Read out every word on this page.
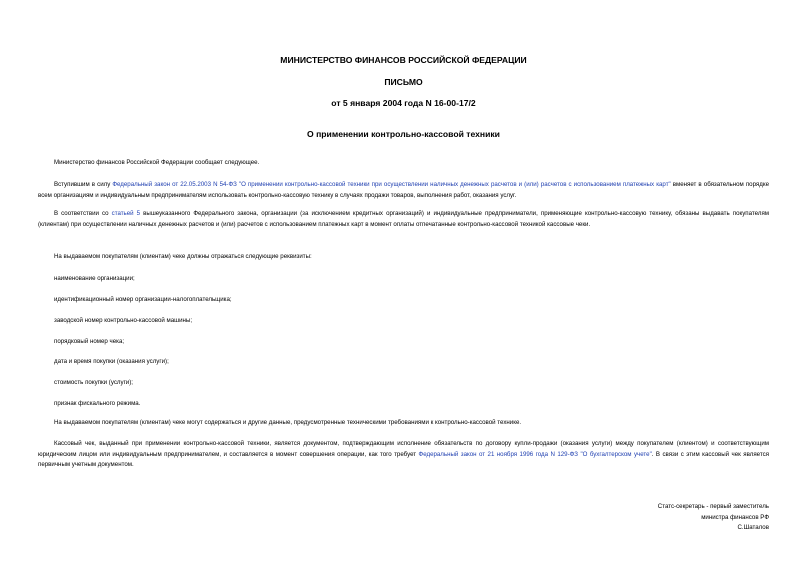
МИНИСТЕРСТВО ФИНАНСОВ РОССИЙСКОЙ ФЕДЕРАЦИИ
ПИСЬМО
от 5 января 2004 года N 16-00-17/2
О применении контрольно-кассовой техники

Министерство финансов Российской Федерации сообщает следующее.

Вступившим в силу Федеральный закон от 22.05.2003 N 54-ФЗ "О применении контрольно-кассовой техники при осуществлении наличных денежных расчетов и (или) расчетов с использованием платежных карт" вменяет в обязательном порядке всем организациям и индивидуальным предпринимателям использовать контрольно-кассовую технику в случаях продажи товаров, выполнения работ, оказания услуг.

В соответствии со статьей 5 вышеуказанного Федерального закона, организации (за исключением кредитных организаций) и индивидуальные предприниматели, применяющие контрольно-кассовую технику, обязаны выдавать покупателям (клиентам) при осуществлении наличных денежных расчетов и (или) расчетов с использованием платежных карт в момент оплаты отпечатанные контрольно-кассовой техникой кассовые чеки.

На выдаваемом покупателям (клиентам) чеке должны отражаться следующие реквизиты:

наименование организации;
идентификационный номер организации-налогоплательщика;
заводской номер контрольно-кассовой машины;
порядковый номер чека;
дата и время покупки (оказания услуги);
стоимость покупки (услуги);
признак фискального режима.

На выдаваемом покупателям (клиентам) чеке могут содержаться и другие данные, предусмотренные техническими требованиями к контрольно-кассовой технике.

Кассовый чек, выданный при применении контрольно-кассовой техники, является документом, подтверждающим исполнение обязательств по договору купли-продажи (оказания услуги) между покупателем (клиентом) и соответствующим юридическим лицом или индивидуальным предпринимателем, и составляется в момент совершения операции, как того требует Федеральный закон от 21 ноября 1996 года N 129-ФЗ "О бухгалтерском учете". В связи с этим кассовый чек является первичным учетным документом.

Статс-секретарь - первый заместитель
министра финансов РФ
С.Шаталов
